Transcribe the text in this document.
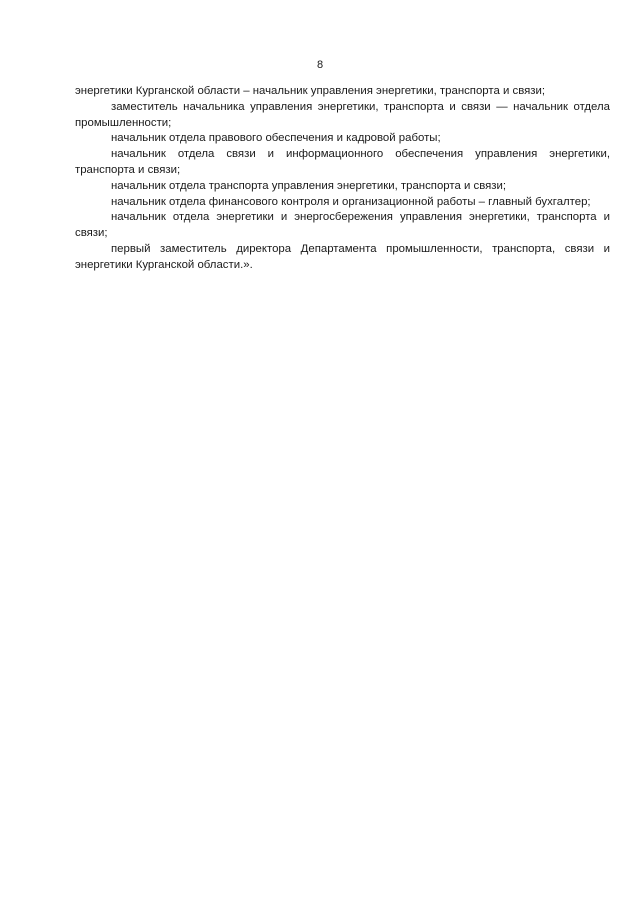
8

энергетики Курганской области – начальник управления энергетики, транспорта и связи;

заместитель начальника управления энергетики, транспорта и связи — начальник отдела промышленности;

начальник отдела правового обеспечения и кадровой работы;

начальник отдела связи и информационного обеспечения управления энергетики, транспорта и связи;

начальник отдела транспорта управления энергетики, транспорта и связи;

начальник отдела финансового контроля и организационной работы – главный бухгалтер;

начальник отдела энергетики и энергосбережения управления энергетики, транспорта и связи;

первый заместитель директора Департамента промышленности, транспорта, связи и энергетики Курганской области.».
